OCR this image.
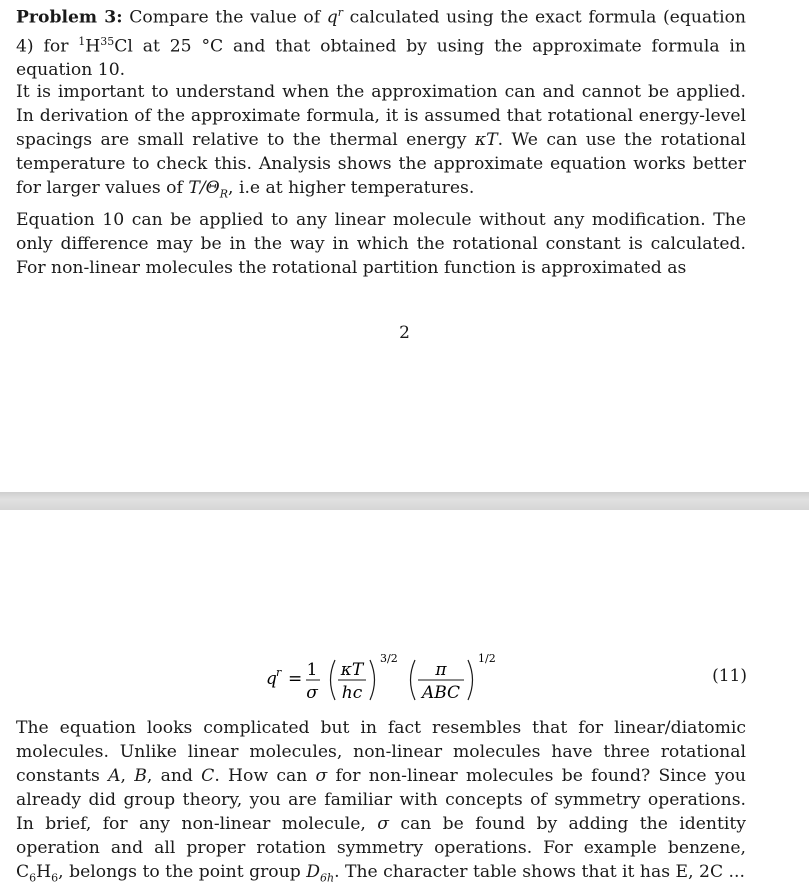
Problem 3: Compare the value of $q^r$ calculated using the exact formula (equation 4) for $^1H^{35}Cl$ at 25 °C and that obtained by using the approximate formula in equation 10.
It is important to understand when the approximation can and cannot be applied. In derivation of the approximate formula, it is assumed that rotational energy-level spacings are small relative to the thermal energy κT. We can use the rotational temperature to check this. Analysis shows the approximate equation works better for larger values of $T/\Theta_R$, i.e at higher temperatures.
Equation 10 can be applied to any linear molecule without any modification. The only difference may be in the way in which the rotational constant is calculated. For non-linear molecules the rotational partition function is approximated as
2
q r = 1
σ
κT
hc
3/2
π
ABC
1/2
(11)
The equation looks complicated but in fact resembles that for linear/diatomic molecules. Unlike linear molecules, non-linear molecules have three rotational constants A, B, and C. How can σ for non-linear molecules be found? Since you already did group theory, you are familiar with concepts of symmetry operations. In brief, for any non-linear molecule, σ can be found by adding the identity operation and all proper rotation symmetry operations. For example benzene, $C_6H_6$, belongs to the point group $D_{6h}$. The character table shows that it has E, 2C ...
